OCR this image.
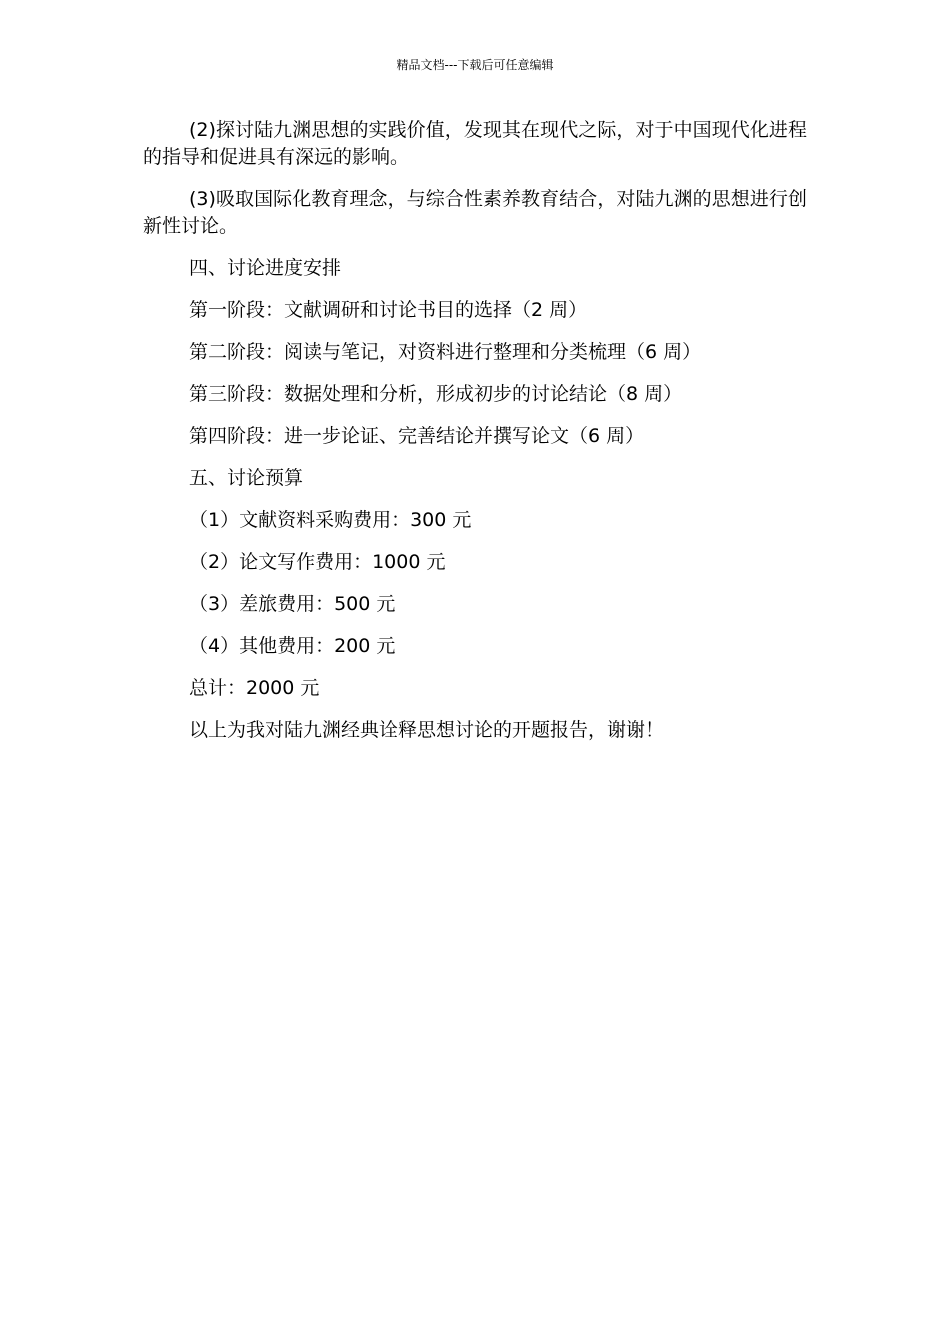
精品文档---下载后可任意编辑

(2)探讨陆九渊思想的实践价值，发现其在现代之际，对于中国现代化进程的指导和促进具有深远的影响。

(3)吸取国际化教育理念，与综合性素养教育结合，对陆九渊的思想进行创新性讨论。

四、讨论进度安排
第一阶段：文献调研和讨论书目的选择（2 周）
第二阶段：阅读与笔记，对资料进行整理和分类梳理（6 周）
第三阶段：数据处理和分析，形成初步的讨论结论（8 周）
第四阶段：进一步论证、完善结论并撰写论文（6 周）
五、讨论预算
（1）文献资料采购费用：300 元
（2）论文写作费用：1000 元
（3）差旅费用：500 元
（4）其他费用：200 元
总计：2000 元
以上为我对陆九渊经典诠释思想讨论的开题报告，谢谢！
